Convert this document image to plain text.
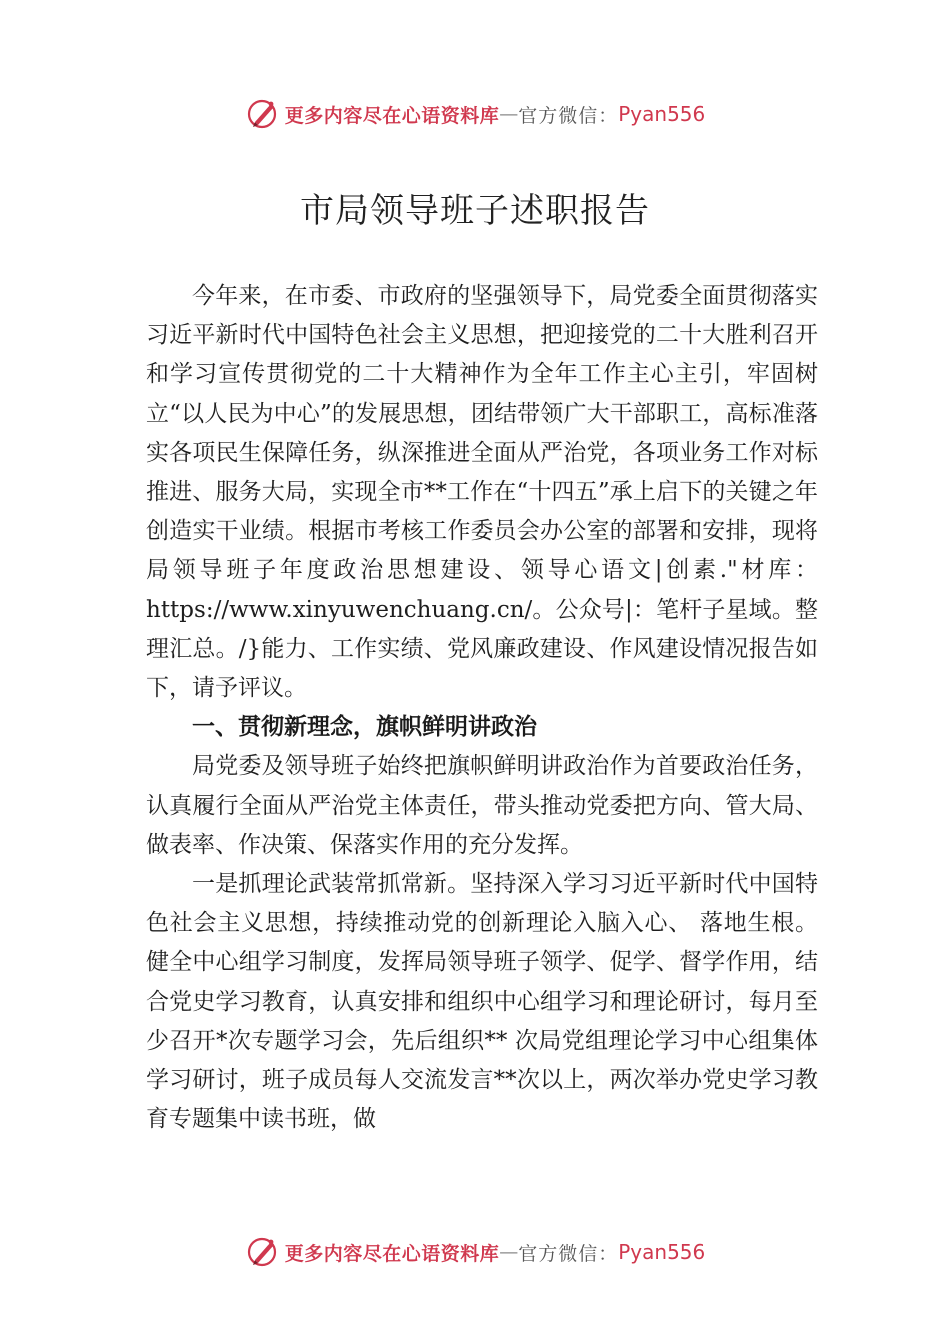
更多内容尽在心语资料库 — 官方微信： Pyan556
市局领导班子述职报告

今年来，在市委、市政府的坚强领导下，局党委全面贯彻落实习近平新时代中国特色社会主义思想，把迎接党的二十大胜利召开和学习宣传贯彻党的二十大精神作为全年工作主心主引，牢固树立“以人民为中心”的发展思想，团结带领广大干部职工，高标准落实各项民生保障任务，纵深推进全面从严治党，各项业务工作对标推进、服务大局，实现全市**工作在“十四五”承上启下的关键之年创造实干业绩。根据市考核工作委员会办公室的部署和安排，现将局领导班子年度政治思想建设、领导心语文|创素."材库：https://www.xinyuwenchuang.cn/。公众号|：笔杆子星域。整理汇总。/}能力、工作实绩、党风廉政建设、作风建设情况报告如下，请予评议。

一、贯彻新理念，旗帜鲜明讲政治

局党委及领导班子始终把旗帜鲜明讲政治作为首要政治任务，认真履行全面从严治党主体责任，带头推动党委把方向、管大局、做表率、作决策、保落实作用的充分发挥。

一是抓理论武装常抓常新。坚持深入学习习近平新时代中国特色社会主义思想，持续推动党的创新理论入脑入心、 落地生根。健全中心组学习制度，发挥局领导班子领学、促学、督学作用，结合党史学习教育，认真安排和组织中心组学习和理论研讨，每月至少召开*次专题学习会，先后组织** 次局党组理论学习中心组集体学习研讨，班子成员每人交流发言**次以上，两次举办党史学习教育专题集中读书班，做

更多内容尽在心语资料库 — 官方微信： Pyan556
